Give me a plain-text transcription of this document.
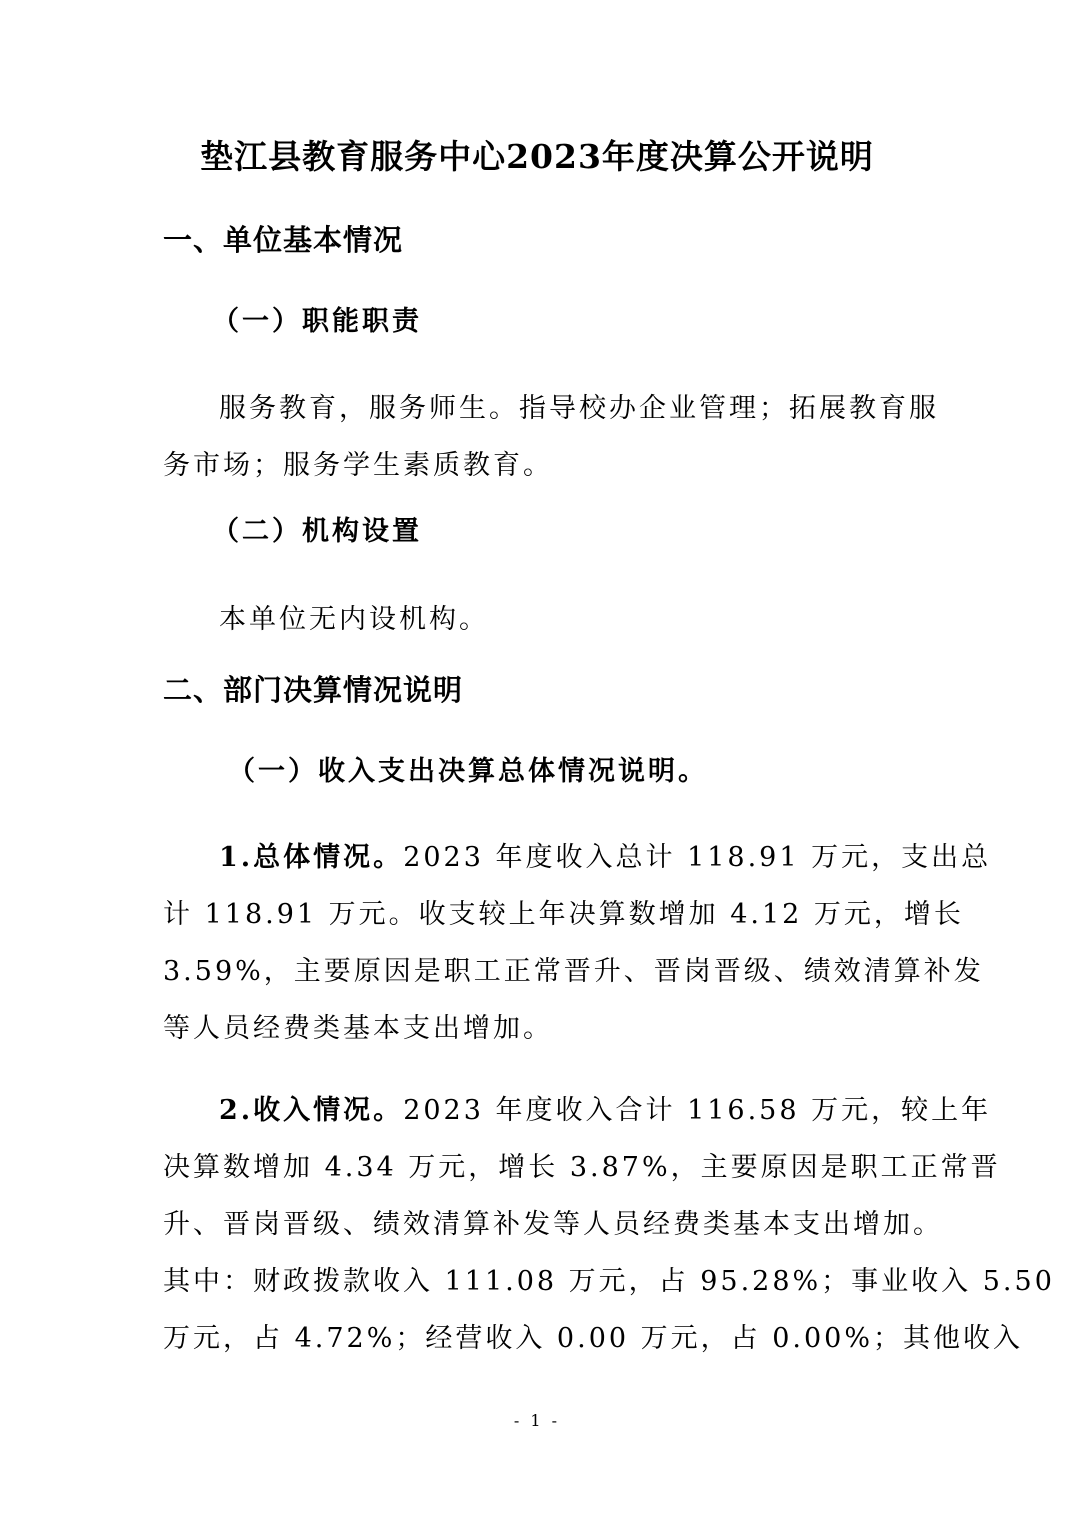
垫江县教育服务中心2023年度决算公开说明
一、单位基本情况
（一）职能职责
服务教育，服务师生。指导校办企业管理；拓展教育服
务市场；服务学生素质教育。
（二）机构设置
本单位无内设机构。
二、部门决算情况说明
（一）收入支出决算总体情况说明。
1.总体情况。2023 年度收入总计 118.91 万元，支出总
计 118.91 万元。收支较上年决算数增加 4.12 万元，增长
3.59%，主要原因是职工正常晋升、晋岗晋级、绩效清算补发
等人员经费类基本支出增加。
2.收入情况。2023 年度收入合计 116.58 万元，较上年
决算数增加 4.34 万元，增长 3.87%，主要原因是职工正常晋
升、晋岗晋级、绩效清算补发等人员经费类基本支出增加。
其中：财政拨款收入 111.08 万元，占 95.28%；事业收入 5.50
万元，占 4.72%；经营收入 0.00 万元，占 0.00%；其他收入
- 1 -
